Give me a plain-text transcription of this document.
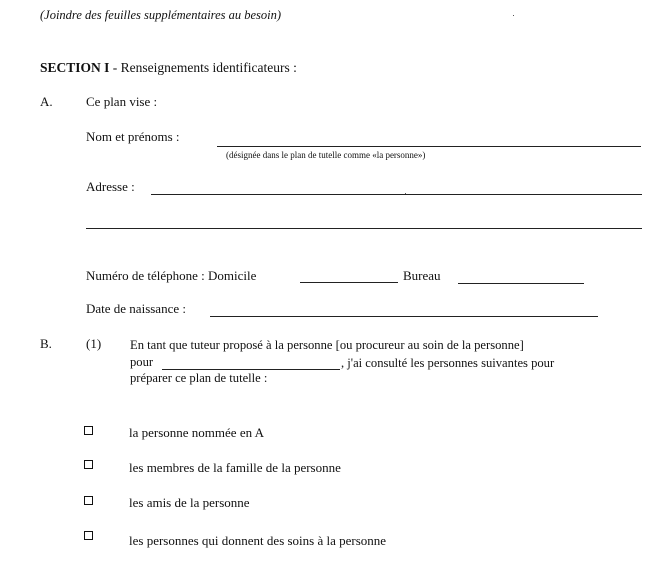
(Joindre des feuilles supplémentaires au besoin)
SECTION I - Renseignements identificateurs :
A.	Ce plan vise :
Nom et prénoms :
(désignée dans le plan de tutelle comme «la personne»)
Adresse :
Numéro de téléphone : Domicile	Bureau
Date de naissance :
B.	(1) En tant que tuteur proposé à la personne [ou procureur au soin de la personne]
pour	, j'ai consulté les personnes suivantes pour
préparer ce plan de tutelle :
la personne nommée en A
les membres de la famille de la personne
les amis de la personne
les personnes qui donnent des soins à la personne
